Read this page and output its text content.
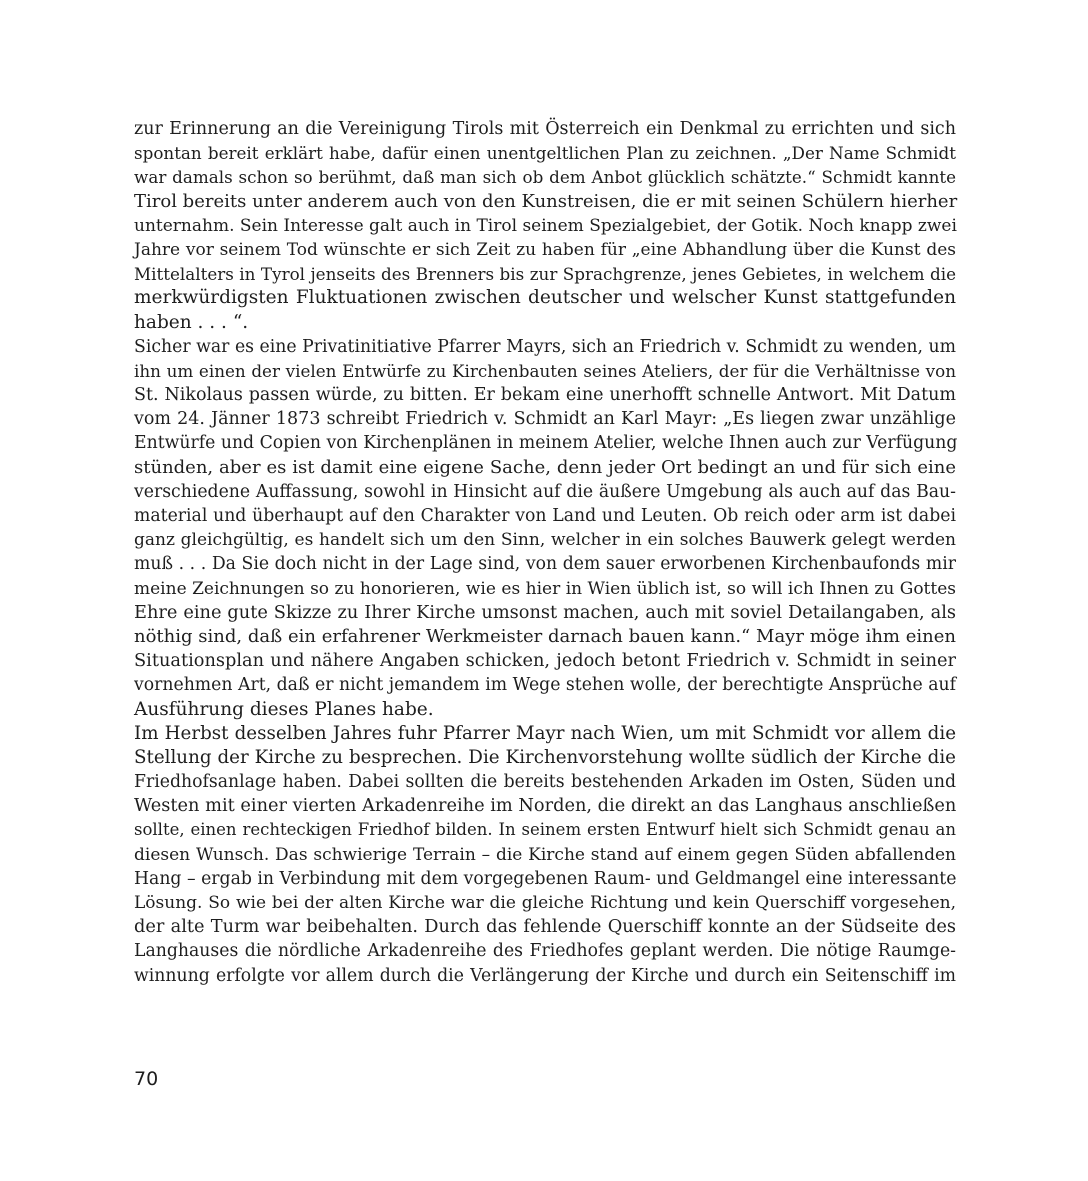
zur Erinnerung an die Vereinigung Tirols mit Österreich ein Denkmal zu errichten und sich
spontan bereit erklärt habe, dafür einen unentgeltlichen Plan zu zeichnen. „Der Name Schmidt
war damals schon so berühmt, daß man sich ob dem Anbot glücklich schätzte.“ Schmidt kannte
Tirol bereits unter anderem auch von den Kunstreisen, die er mit seinen Schülern hierher
unternahm. Sein Interesse galt auch in Tirol seinem Spezialgebiet, der Gotik. Noch knapp zwei
Jahre vor seinem Tod wünschte er sich Zeit zu haben für „eine Abhandlung über die Kunst des
Mittelalters in Tyrol jenseits des Brenners bis zur Sprachgrenze, jenes Gebietes, in welchem die
merkwürdigsten Fluktuationen zwischen deutscher und welscher Kunst stattgefunden
haben . . . “.
Sicher war es eine Privatinitiative Pfarrer Mayrs, sich an Friedrich v. Schmidt zu wenden, um
ihn um einen der vielen Entwürfe zu Kirchenbauten seines Ateliers, der für die Verhältnisse von
St. Nikolaus passen würde, zu bitten. Er bekam eine unerhofft schnelle Antwort. Mit Datum
vom 24. Jänner 1873 schreibt Friedrich v. Schmidt an Karl Mayr: „Es liegen zwar unzählige
Entwürfe und Copien von Kirchenplänen in meinem Atelier, welche Ihnen auch zur Verfügung
stünden, aber es ist damit eine eigene Sache, denn jeder Ort bedingt an und für sich eine
verschiedene Auffassung, sowohl in Hinsicht auf die äußere Umgebung als auch auf das Bau-
material und überhaupt auf den Charakter von Land und Leuten. Ob reich oder arm ist dabei
ganz gleichgültig, es handelt sich um den Sinn, welcher in ein solches Bauwerk gelegt werden
muß . . . Da Sie doch nicht in der Lage sind, von dem sauer erworbenen Kirchenbaufonds mir
meine Zeichnungen so zu honorieren, wie es hier in Wien üblich ist, so will ich Ihnen zu Gottes
Ehre eine gute Skizze zu Ihrer Kirche umsonst machen, auch mit soviel Detailangaben, als
nöthig sind, daß ein erfahrener Werkmeister darnach bauen kann.“ Mayr möge ihm einen
Situationsplan und nähere Angaben schicken, jedoch betont Friedrich v. Schmidt in seiner
vornehmen Art, daß er nicht jemandem im Wege stehen wolle, der berechtigte Ansprüche auf
Ausführung dieses Planes habe.
Im Herbst desselben Jahres fuhr Pfarrer Mayr nach Wien, um mit Schmidt vor allem die
Stellung der Kirche zu besprechen. Die Kirchenvorstehung wollte südlich der Kirche die
Friedhofsanlage haben. Dabei sollten die bereits bestehenden Arkaden im Osten, Süden und
Westen mit einer vierten Arkadenreihe im Norden, die direkt an das Langhaus anschließen
sollte, einen rechteckigen Friedhof bilden. In seinem ersten Entwurf hielt sich Schmidt genau an
diesen Wunsch. Das schwierige Terrain – die Kirche stand auf einem gegen Süden abfallenden
Hang – ergab in Verbindung mit dem vorgegebenen Raum- und Geldmangel eine interessante
Lösung. So wie bei der alten Kirche war die gleiche Richtung und kein Querschiff vorgesehen,
der alte Turm war beibehalten. Durch das fehlende Querschiff konnte an der Südseite des
Langhauses die nördliche Arkadenreihe des Friedhofes geplant werden. Die nötige Raumge-
winnung erfolgte vor allem durch die Verlängerung der Kirche und durch ein Seitenschiff im
70
